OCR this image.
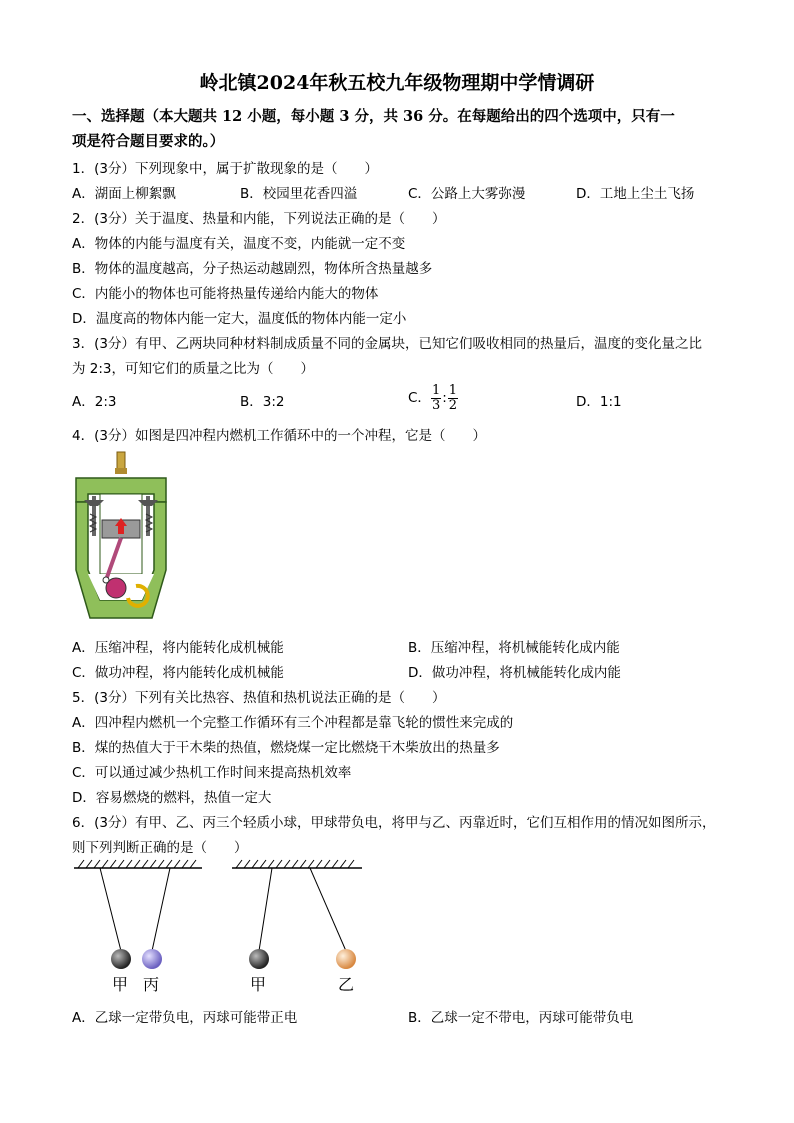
岭北镇2024年秋五校九年级物理期中学情调研
一、选择题（本大题共 12 小题，每小题 3 分，共 36 分。在每题给出的四个选项中，只有一
项是符合题目要求的。）
1．(3分）下列现象中，属于扩散现象的是（　　）
A．湖面上柳絮飘	B．校园里花香四溢	C．公路上大雾弥漫	D．工地上尘土飞扬
2．(3分）关于温度、热量和内能，下列说法正确的是（　　）
A．物体的内能与温度有关，温度不变，内能就一定不变
B．物体的温度越高，分子热运动越剧烈，物体所含热量越多
C．内能小的物体也可能将热量传递给内能大的物体
D．温度高的物体内能一定大，温度低的物体内能一定小
3．(3分）有甲、乙两块同种材料制成质量不同的金属块，已知它们吸收相同的热量后，温度的变化量之比
为 2:3，可知它们的质量之比为（　　）
A．2:3	B．3:2	C． $\frac{1}{3}$ : $\frac{1}{2}$	D．1:1
4．(3分）如图是四冲程内燃机工作循环中的一个冲程，它是（　　）
A．压缩冲程，将内能转化成机械能	B．压缩冲程，将机械能转化成内能
C．做功冲程，将内能转化成机械能	D．做功冲程，将机械能转化成内能
5．(3分）下列有关比热容、热值和热机说法正确的是（　　）
A．四冲程内燃机一个完整工作循环有三个冲程都是靠飞轮的惯性来完成的
B．煤的热值大于干木柴的热值，燃烧煤一定比燃烧干木柴放出的热量多
C．可以通过减少热机工作时间来提高热机效率
D．容易燃烧的燃料，热值一定大
6．(3分）有甲、乙、丙三个轻质小球，甲球带负电，将甲与乙、丙靠近时，它们互相作用的情况如图所示，
则下列判断正确的是（　　）
甲 丙	甲	乙
A．乙球一定带负电，丙球可能带正电	B．乙球一定不带电，丙球可能带负电
